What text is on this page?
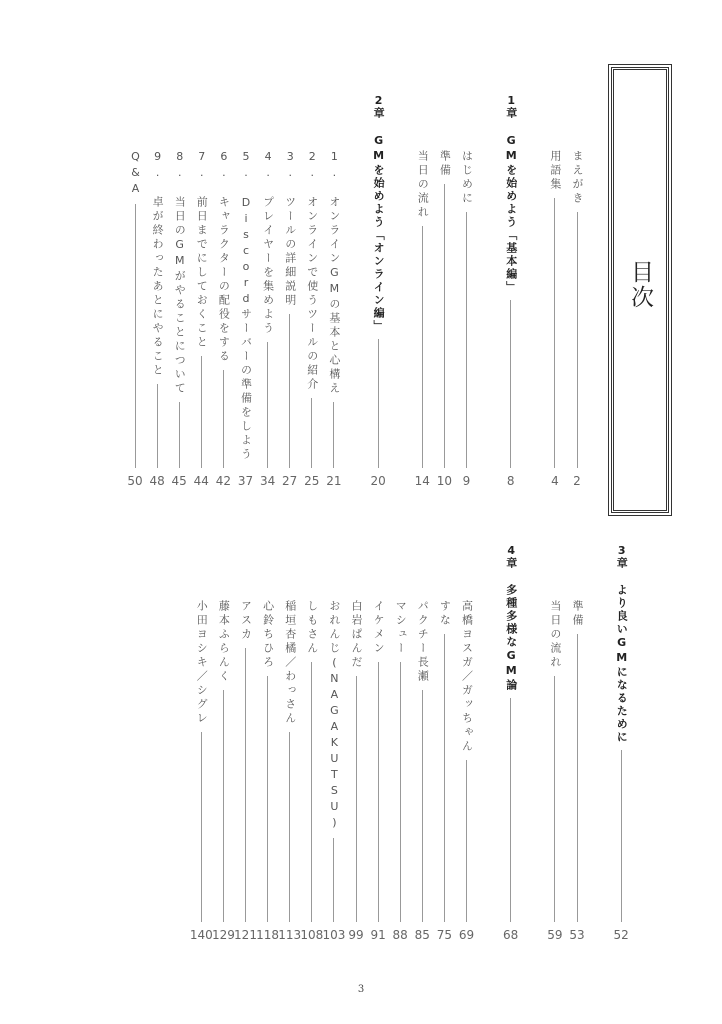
目次
まえがき
2
用語集
4
1章
GMを始めよう「基本編」
8
はじめに
9
準備
10
当日の流れ
14
2章
GMを始めよう「オンライン編」
20
1.　オンラインGMの基本と心構え
21
2.　オンラインで使うツールの紹介
25
3.　ツールの詳細説明
27
4.　プレイヤーを集めよう
34
5.　Discordサーバーの準備をしよう
37
6.　キャラクターの配役をする
42
7.　前日までにしておくこと
44
8.　当日のGMがやることについて
45
9.　卓が終わったあとにやること
48
Q&A
50
3章
より良いGMになるために
52
準備
53
当日の流れ
59
4章
多種多様なGM論
68
高橋ヨスガ／ガッちゃん
69
すな
75
パクチー長瀬
85
マシュー
88
イケメン
91
白岩ぱんだ
99
おれんじ(NAGAKUTSU)
103
しもさん
108
稲垣杏橘／わっさん
113
心鈴ちひろ
118
アスカ
121
藤本ふらんく
129
小田ヨシキ／シグレ
140
3
